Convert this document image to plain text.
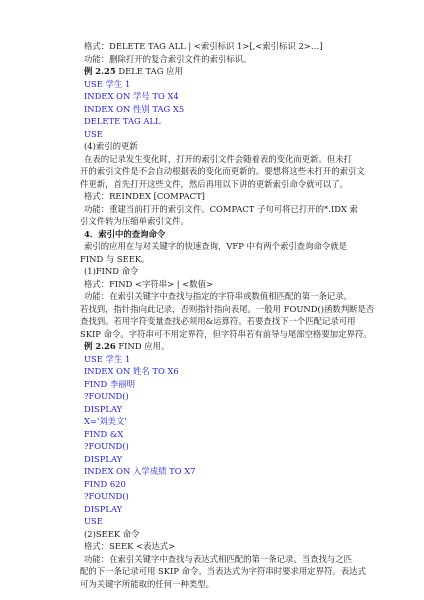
格式：DELETE TAG ALL | <索引标识 1>[,<索引标识 2>…]
功能：删除打开的复合索引文件的索引标识。
例 2.25 DELE TAG 应用
USE 学生 1
INDEX ON 学号 TO X4
INDEX ON 性别 TAG X5
DELETE TAG ALL
USE
(4)索引的更新
在表的记录发生变化时，打开的索引文件会随着表的变化而更新。但未打
开的索引文件是不会自动根据表的变化而更新的。要想将这些未打开的索引文
件更新，首先打开这些文件，然后再用以下讲的更新索引命令就可以了。
格式：REINDEX [COMPACT]
功能：重建当前打开的索引文件。COMPACT 子句可将已打开的*.IDX 索
引文件转为压缩单索引文件。
4．索引中的查询命令
索引的应用在与对关键字的快速查询，VFP 中有两个索引查询命令就是
FIND 与 SEEK。
(1)FIND 命令
格式：FIND <字符串> | <数值>
功能：在索引关键字中查找与指定的字符串或数值相匹配的第一条记录。
若找到，指针指向此记录，否则指针指向表尾。一般用 FOUND()函数判断是否
查找到。若用字符变量查找必须用&运算符。若要查找下一个匹配记录可用
SKIP 命令。字符串可不用定界符，但字符串若有前导与尾部空格要加定界符。
例 2.26 FIND 应用。
USE 学生 1
INDEX ON 姓名 TO X6
FIND 李丽明
?FOUND()
DISPLAY
X='刘美文'
FIND &X
?FOUND()
DISPLAY
INDEX ON 入学成绩 TO X7
FIND 620
?FOUND()
DISPLAY
USE
(2)SEEK 命令
格式：SEEK <表达式>
功能：在索引关键字中查找与表达式相匹配的第一条记录。当查找与之匹
配的下一条记录可用 SKIP 命令。当表达式为字符串时要求用定界符。表达式
可为关键字所能取的任何一种类型。
